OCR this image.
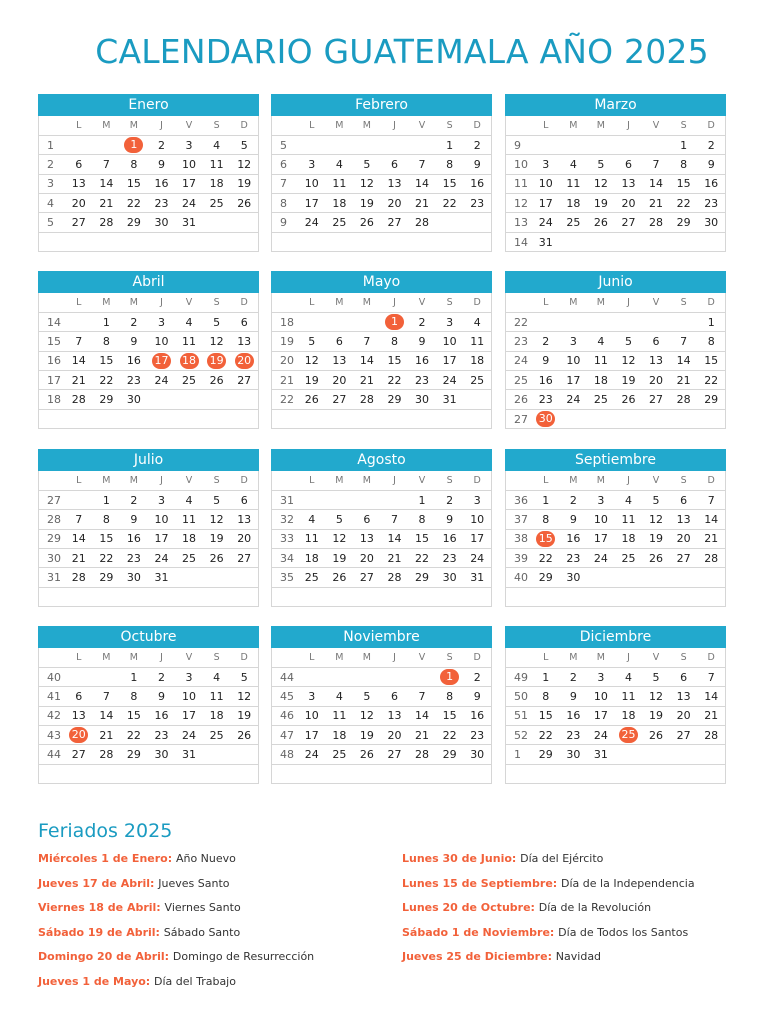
CALENDARIO GUATEMALA AÑO 2025
Enero
	L	M	M	J	V	S	D
1			1	2	3	4	5
2	6	7	8	9	10	11	12
3	13	14	15	16	17	18	19
4	20	21	22	23	24	25	26
5	27	28	29	30	31		

Febrero
	L	M	M	J	V	S	D
5						1	2
6	3	4	5	6	7	8	9
7	10	11	12	13	14	15	16
8	17	18	19	20	21	22	23
9	24	25	26	27	28		

Marzo
	L	M	M	J	V	S	D
9						1	2
10	3	4	5	6	7	8	9
11	10	11	12	13	14	15	16
12	17	18	19	20	21	22	23
13	24	25	26	27	28	29	30
14	31						
Abril
	L	M	M	J	V	S	D
14		1	2	3	4	5	6
15	7	8	9	10	11	12	13
16	14	15	16	17	18	19	20
17	21	22	23	24	25	26	27
18	28	29	30				

Mayo
	L	M	M	J	V	S	D
18				1	2	3	4
19	5	6	7	8	9	10	11
20	12	13	14	15	16	17	18
21	19	20	21	22	23	24	25
22	26	27	28	29	30	31	

Junio
	L	M	M	J	V	S	D
22							1
23	2	3	4	5	6	7	8
24	9	10	11	12	13	14	15
25	16	17	18	19	20	21	22
26	23	24	25	26	27	28	29
27	30						
Julio
	L	M	M	J	V	S	D
27		1	2	3	4	5	6
28	7	8	9	10	11	12	13
29	14	15	16	17	18	19	20
30	21	22	23	24	25	26	27
31	28	29	30	31			

Agosto
	L	M	M	J	V	S	D
31					1	2	3
32	4	5	6	7	8	9	10
33	11	12	13	14	15	16	17
34	18	19	20	21	22	23	24
35	25	26	27	28	29	30	31

Septiembre
	L	M	M	J	V	S	D
36	1	2	3	4	5	6	7
37	8	9	10	11	12	13	14
38	15	16	17	18	19	20	21
39	22	23	24	25	26	27	28
40	29	30					

Octubre
	L	M	M	J	V	S	D
40			1	2	3	4	5
41	6	7	8	9	10	11	12
42	13	14	15	16	17	18	19
43	20	21	22	23	24	25	26
44	27	28	29	30	31		

Noviembre
	L	M	M	J	V	S	D
44						1	2
45	3	4	5	6	7	8	9
46	10	11	12	13	14	15	16
47	17	18	19	20	21	22	23
48	24	25	26	27	28	29	30

Diciembre
	L	M	M	J	V	S	D
49	1	2	3	4	5	6	7
50	8	9	10	11	12	13	14
51	15	16	17	18	19	20	21
52	22	23	24	25	26	27	28
1	29	30	31				

Feriados 2025
Miércoles 1 de Enero: Año Nuevo
Jueves 17 de Abril: Jueves Santo
Viernes 18 de Abril: Viernes Santo
Sábado 19 de Abril: Sábado Santo
Domingo 20 de Abril: Domingo de Resurrección
Jueves 1 de Mayo: Día del Trabajo
Lunes 30 de Junio: Día del Ejército
Lunes 15 de Septiembre: Día de la Independencia
Lunes 20 de Octubre: Día de la Revolución
Sábado 1 de Noviembre: Día de Todos los Santos
Jueves 25 de Diciembre: Navidad
